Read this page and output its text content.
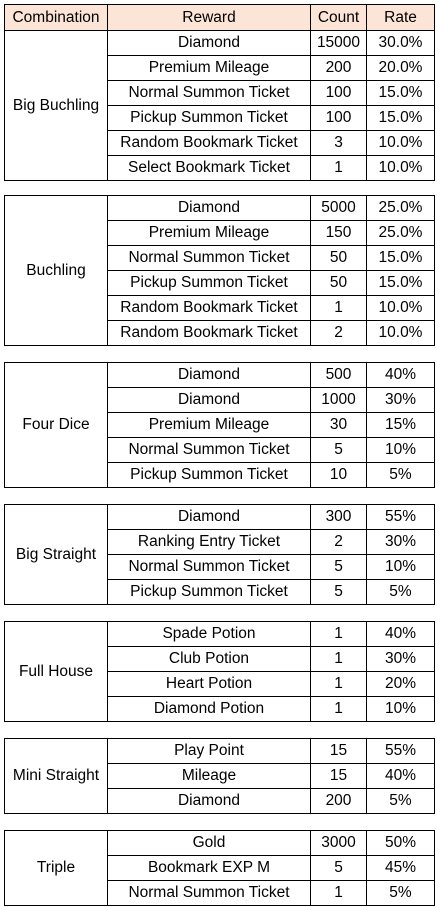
Combination	Reward	Count	Rate
Big Buchling	Diamond	15000	30.0%
	Premium Mileage	200	20.0%
	Normal Summon Ticket	100	15.0%
	Pickup Summon Ticket	100	15.0%
	Random Bookmark Ticket	3	10.0%
	Select Bookmark Ticket	1	10.0%
Buchling	Diamond	5000	25.0%
	Premium Mileage	150	25.0%
	Normal Summon Ticket	50	15.0%
	Pickup Summon Ticket	50	15.0%
	Random Bookmark Ticket	1	10.0%
	Random Bookmark Ticket	2	10.0%
Four Dice	Diamond	500	40%
	Diamond	1000	30%
	Premium Mileage	30	15%
	Normal Summon Ticket	5	10%
	Pickup Summon Ticket	10	5%
Big Straight	Diamond	300	55%
	Ranking Entry Ticket	2	30%
	Normal Summon Ticket	5	10%
	Pickup Summon Ticket	5	5%
Full House	Spade Potion	1	40%
	Club Potion	1	30%
	Heart Potion	1	20%
	Diamond Potion	1	10%
Mini Straight	Play Point	15	55%
	Mileage	15	40%
	Diamond	200	5%
Triple	Gold	3000	50%
	Bookmark EXP M	5	45%
	Normal Summon Ticket	1	5%
